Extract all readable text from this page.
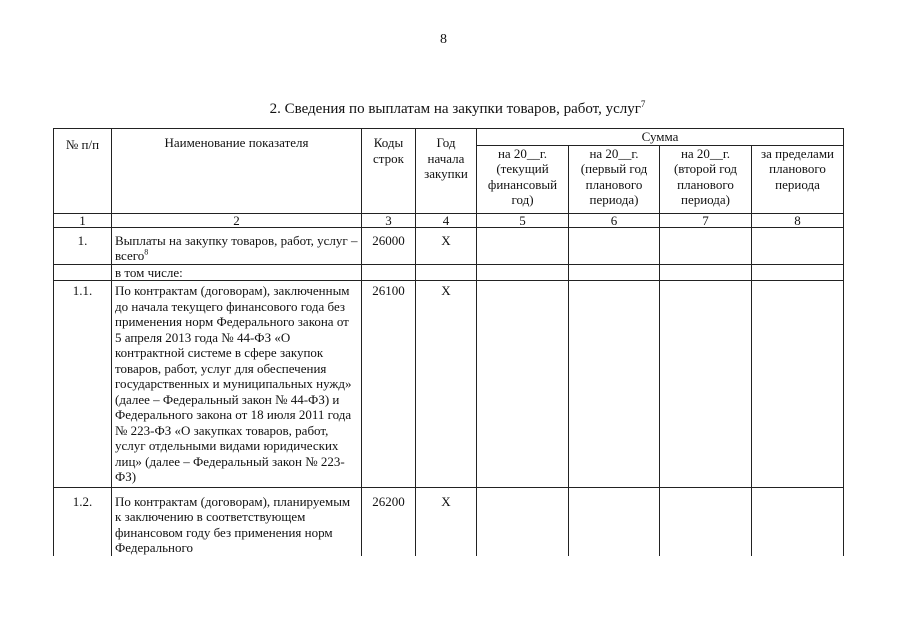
8
2. Сведения по выплатам на закупки товаров, работ, услуг$^7$
№ п/п	Наименование показателя	Коды строк	Год начала закупки	Сумма			
				на 20__г. (текущий финансовый год)	на 20__г. (первый год планового периода)	на 20__г. (второй год планового периода)	за пределами планового периода
1	2	3	4	5	6	7	8
1.	Выплаты на закупку товаров, работ, услуг – всего$^8$	26000	X				
	в том числе:						
1.1.	По контрактам (договорам), заключенным до начала текущего финансового года без применения норм Федерального закона от 5 апреля 2013 года № 44-ФЗ «О контрактной системе в сфере закупок товаров, работ, услуг для обеспечения государственных и муниципальных нужд» (далее – Федеральный закон № 44-ФЗ) и Федерального закона от 18 июля 2011 года № 223-ФЗ «О закупках товаров, работ, услуг отдельными видами юридических лиц» (далее – Федеральный закон № 223-ФЗ)	26100	X				
1.2.	По контрактам (договорам), планируемым к заключению в соответствующем финансовом году без применения норм Федерального	26200	X				
